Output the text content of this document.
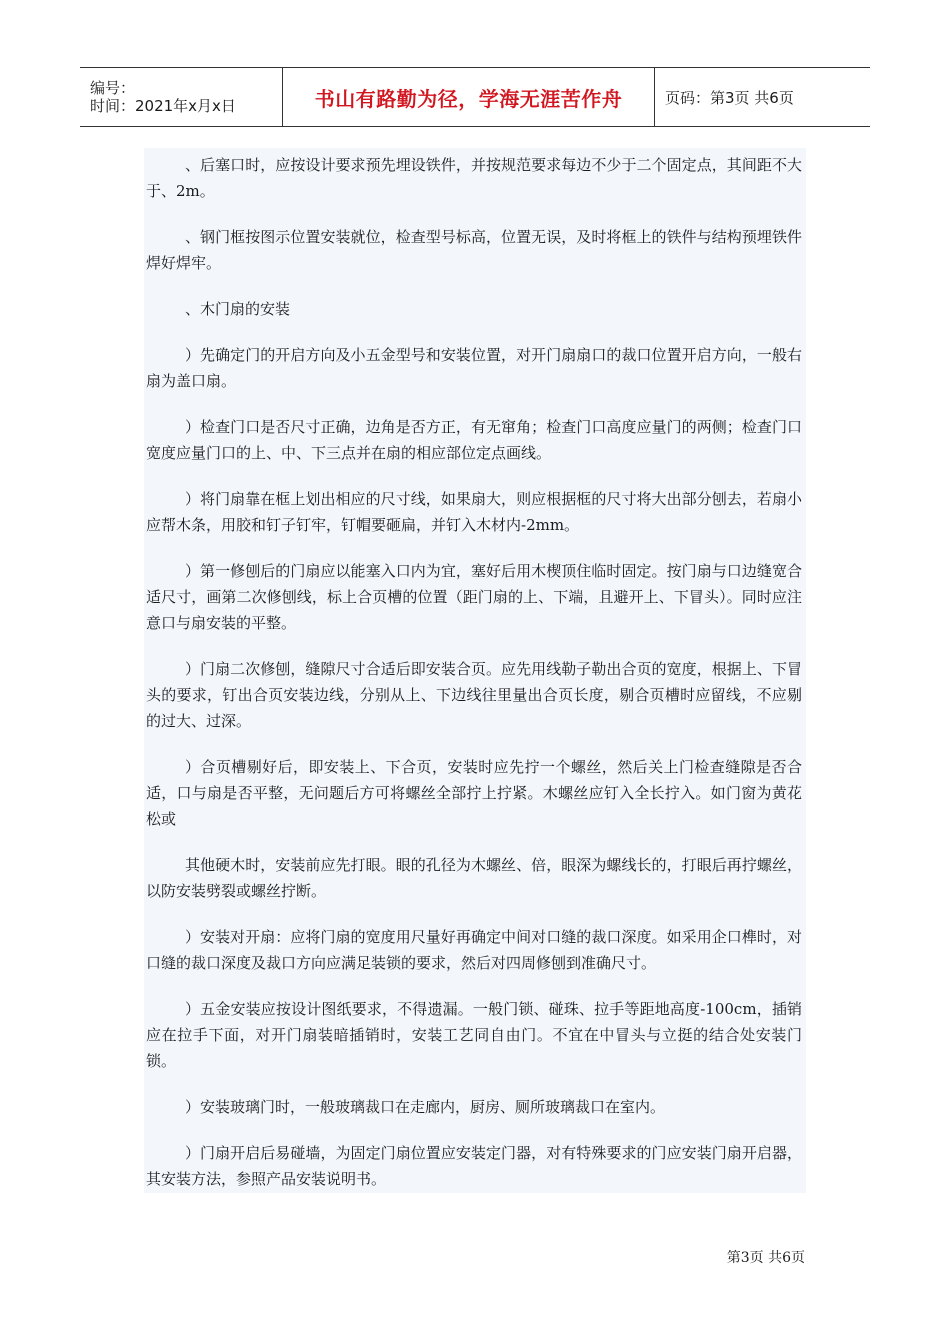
编号：
时间：2021年x月x日	书山有路勤为径，学海无涯苦作舟	页码：第3页 共6页

、后塞口时，应按设计要求预先埋设铁件，并按规范要求每边不少于二个固定点，其间距不大于、2m。

、钢门框按图示位置安装就位，检查型号标高，位置无误，及时将框上的铁件与结构预埋铁件焊好焊牢。

、木门扇的安装

）先确定门的开启方向及小五金型号和安装位置，对开门扇扇口的裁口位置开启方向，一般右扇为盖口扇。

）检查门口是否尺寸正确，边角是否方正，有无窜角；检查门口高度应量门的两侧；检查门口宽度应量门口的上、中、下三点并在扇的相应部位定点画线。

）将门扇靠在框上划出相应的尺寸线，如果扇大，则应根据框的尺寸将大出部分刨去，若扇小应帮木条，用胶和钉子钉牢，钉帽要砸扁，并钉入木材内-2mm。

）第一修刨后的门扇应以能塞入口内为宜，塞好后用木楔顶住临时固定。按门扇与口边缝宽合适尺寸，画第二次修刨线，标上合页槽的位置（距门扇的上、下端，且避开上、下冒头）。同时应注意口与扇安装的平整。

）门扇二次修刨，缝隙尺寸合适后即安装合页。应先用线勒子勒出合页的宽度，根据上、下冒头的要求，钉出合页安装边线，分别从上、下边线往里量出合页长度，剔合页槽时应留线，不应剔的过大、过深。

）合页槽剔好后，即安装上、下合页，安装时应先拧一个螺丝，然后关上门检查缝隙是否合适，口与扇是否平整，无问题后方可将螺丝全部拧上拧紧。木螺丝应钉入全长拧入。如门窗为黄花松或

其他硬木时，安装前应先打眼。眼的孔径为木螺丝、倍，眼深为螺线长的，打眼后再拧螺丝，以防安装劈裂或螺丝拧断。

）安装对开扇：应将门扇的宽度用尺量好再确定中间对口缝的裁口深度。如采用企口榫时，对口缝的裁口深度及裁口方向应满足装锁的要求，然后对四周修刨到准确尺寸。

）五金安装应按设计图纸要求，不得遗漏。一般门锁、碰珠、拉手等距地高度-100cm，插销应在拉手下面，对开门扇装暗插销时，安装工艺同自由门。不宜在中冒头与立挺的结合处安装门锁。

）安装玻璃门时，一般玻璃裁口在走廊内，厨房、厕所玻璃裁口在室内。

）门扇开启后易碰墙，为固定门扇位置应安装定门器，对有特殊要求的门应安装门扇开启器，其安装方法，参照产品安装说明书。

第3页 共6页
